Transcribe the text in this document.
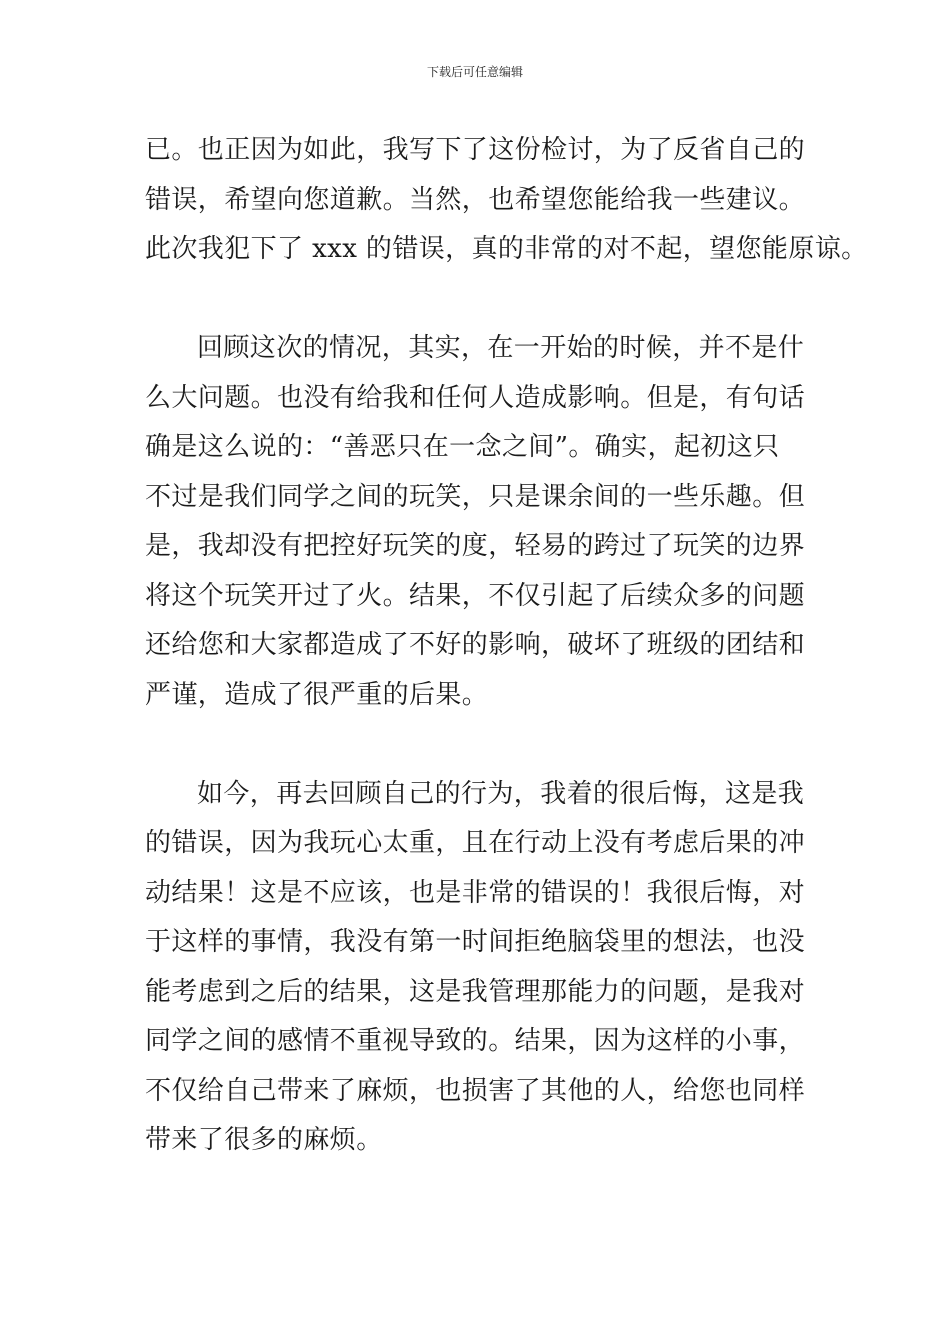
下载后可任意编辑
已。也正因为如此，我写下了这份检讨，为了反省自己的
错误，希望向您道歉。当然，也希望您能给我一些建议。
此次我犯下了 xxx 的错误，真的非常的对不起，望您能原谅。
回顾这次的情况，其实，在一开始的时候，并不是什
么大问题。也没有给我和任何人造成影响。但是，有句话
确是这么说的：“善恶只在一念之间”。确实，起初这只
不过是我们同学之间的玩笑，只是课余间的一些乐趣。但
是，我却没有把控好玩笑的度，轻易的跨过了玩笑的边界
将这个玩笑开过了火。结果，不仅引起了后续众多的问题
还给您和大家都造成了不好的影响，破坏了班级的团结和
严谨，造成了很严重的后果。
如今，再去回顾自己的行为，我着的很后悔，这是我
的错误，因为我玩心太重，且在行动上没有考虑后果的冲
动结果！这是不应该，也是非常的错误的！我很后悔，对
于这样的事情，我没有第一时间拒绝脑袋里的想法，也没
能考虑到之后的结果，这是我管理那能力的问题，是我对
同学之间的感情不重视导致的。结果，因为这样的小事，
不仅给自己带来了麻烦，也损害了其他的人，给您也同样
带来了很多的麻烦。
